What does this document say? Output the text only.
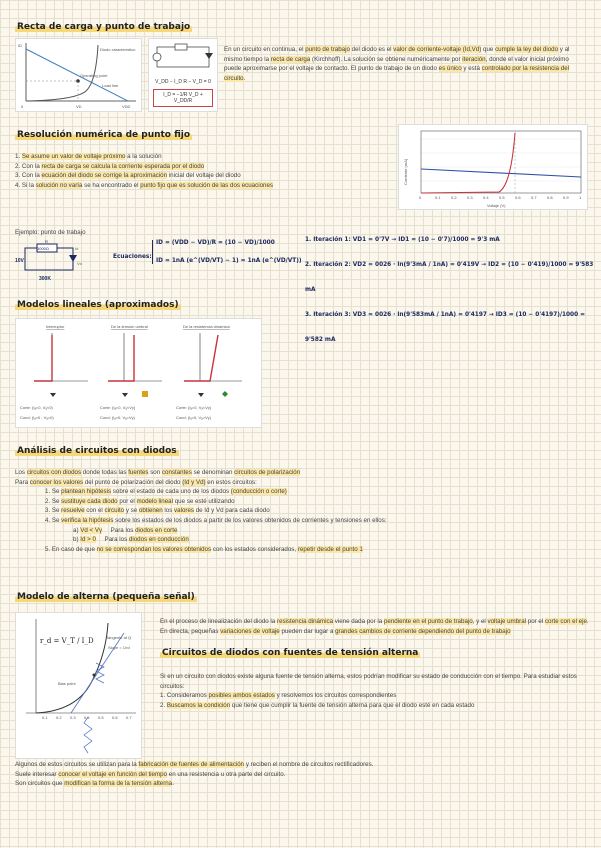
Recta de carga y punto de trabajo
Diodo característico
Operating point
Load line
VD	VDD
0
iD
V_DD − I_D R − V_D = 0
I_D = −1/R V_D + V_DD/R
En un circuito en continua, el punto de trabajo del diodo es el valor de corriente-voltaje (Id,Vd) que cumple la ley del diodo y al mismo tiempo la recta de carga (Kirchhoff). La solución se obtiene numéricamente por iteración, donde el valor inicial próximo puede aproximarse por el voltaje de contacto. El punto de trabajo de un diodo es único y está controlado por la resistencia del circuito.
Resolución numérica de punto fijo
1. Se asume un valor de voltaje próximo a la solución
2. Con la recta de carga se calcula la corriente esperada por el diodo
3. Con la ecuación del diodo se corrige la aproximación inicial del voltaje del diodo
4. Si la solución no varía se ha encontrado el punto fijo que es solución de las dos ecuaciones
Corriente (mA)
Voltaje (V)
0	0.1	0.2	0.3	0.4	0.5	0.6	0.7	0.8	0.9	1
Ejemplo: punto de trabajo
10V
1000Ω
300K
R
Id
Vd
Ecuaciones:
ID = (VDD − VD)/R = (10 − VD)/1000
ID = 1nA (e^(VD/VT) − 1) ≈ 1nA (e^(VD/VT))
1. Iteración 1: VD1 = 0'7V → ID1 = (10 − 0'7)/1000 = 9'3 mA
2. Iteración 2: VD2 = 0026 · ln(9'3mA / 1nA) = 0'419V → ID2 = (10 − 0'419)/1000 = 9'583 mA
3. Iteración 3: VD3 = 0026 · ln(9'583mA / 1nA) = 0'4197 → ID3 = (10 − 0'4197)/1000 = 9'582 mA
Modelos lineales (aproximados)
Interruptor	De la tensión umbral	De la resistencia dinámica
Corte: (Iₐ=0, Vₐ<0)	Corte: (Iₐ=0, Vₐ<Vγ)	Corte: (Iₐ=0, Vₐ<Vγ)
Cond: (Iₐ>0 ; Vₐ=0)	Cond: (Iₐ>0, Vₐ=Vγ)	Cond: (Iₐ>0, Vₐ>Vγ)
Análisis de circuitos con diodos
Los circuitos con diodos donde todas las fuentes son constantes se denominan circuitos de polarización
Para conocer los valores del punto de polarización del diodo (Id y Vd) en estos circuitos:
1. Se plantean hipótesis sobre el estado de cada uno de los diodos (conducción o corte)
2. Se sustituye cada diodo por el modelo lineal que se esté utilizando
3. Se resuelve con el circuito y se obtienen los valores de Id y Vd para cada diodo
4. Se verifica la hipótesis sobre los estados de los diodos a partir de los valores obtenidos de corrientes y tensiones en ellos:
a) Vd < Vγ     Para los diodos en corte
b) Id > 0     Para los diodos en conducción
5. En caso de que no se correspondan los valores obtenidos con los estados considerados, repetir desde el punto 1
Modelo de alterna (pequeña señal)
r_d = V_T / I_D	Tangente at Q
Slope = 1/rd
Bias point
0.1 0.2 0.3 0.4 0.5 0.6 0.7
En el proceso de linealización del diodo la resistencia dinámica viene dada por la pendiente en el punto de trabajo, y el voltaje umbral por el corte con el eje. En directa, pequeñas variaciones de voltaje pueden dar lugar a grandes cambios de corriente dependiendo del punto de trabajo
Circuitos de diodos con fuentes de tensión alterna
Si en un circuito con diodos existe alguna fuente de tensión alterna, estos podrían modificar su estado de conducción con el tiempo. Para estudiar estos circuitos:
1. Consideramos posibles ambos estados y resolvemos los circuitos correspondientes
2. Buscamos la condición que tiene que cumplir la fuente de tensión alterna para que el diodo esté en cada estado
Algunos de estos circuitos se utilizan para la fabricación de fuentes de alimentación y reciben el nombre de circuitos rectificadores.
Suele interesar conocer el voltaje en función del tiempo en una resistencia u otra parte del circuito.
Son circuitos que modifican la forma de la tensión alterna.
